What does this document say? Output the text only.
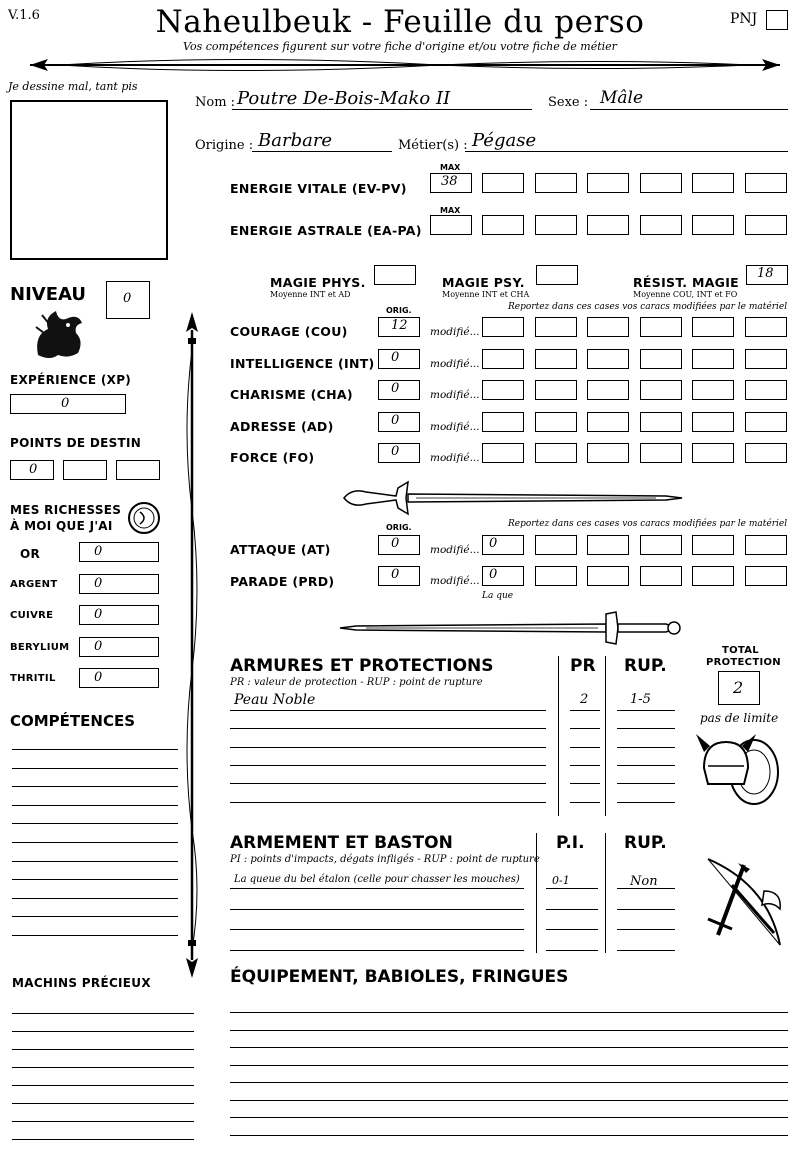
V.1.6	Naheulbeuk - Feuille du perso
Vos compétences figurent sur votre fiche d'origine et/ou votre fiche de métier
PNJ
Je dessine mal, tant pis
Nom : Poutre De-Bois-Mako II	Sexe : Mâle
Origine : Barbare	Métier(s) : Pégase
MAX
ENERGIE VITALE (EV-PV)	38
MAX
ENERGIE ASTRALE (EA-PA)
MAGIE PHYS.
Moyenne INT et AD
MAGIE PSY.
Moyenne INT et CHA
RÉSIST. MAGIE
Moyenne COU, INT et FO
18
NIVEAU	0
EXPÉRIENCE (XP)
0
POINTS DE DESTIN
0
MES RICHESSES
À MOI QUE J'AI
OR	0
ARGENT	0
CUIVRE	0
BERYLIUM 0
THRITIL	0
COMPÉTENCES
MACHINS PRÉCIEUX
ORIG.	Reportez dans ces cases vos caracs modifiées par le matériel
COURAGE (COU)	12 modifié...
INTELLIGENCE (INT) 0	modifié...
CHARISME (CHA)	0	modifié...
ADRESSE (AD)	0	modifié...
FORCE (FO)	0	modifié...
ORIG.	Reportez dans ces cases vos caracs modifiées par le matériel
ATTAQUE (AT)	0	modifié... 0
PARADE (PRD)	0	modifié... 0
La que
ARMURES ET PROTECTIONS
PR : valeur de protection - RUP : point de rupture
PR RUP.
Peau Noble	2	1-5
TOTAL
PROTECTION
2
pas de limite
ARMEMENT ET BASTON
PI : points d'impacts, dégats infligés - RUP : point de rupture
P.I. RUP.
La queue du bel étalon (celle pour chasser les mouches)	0-1	Non
ÉQUIPEMENT, BABIOLES, FRINGUES
